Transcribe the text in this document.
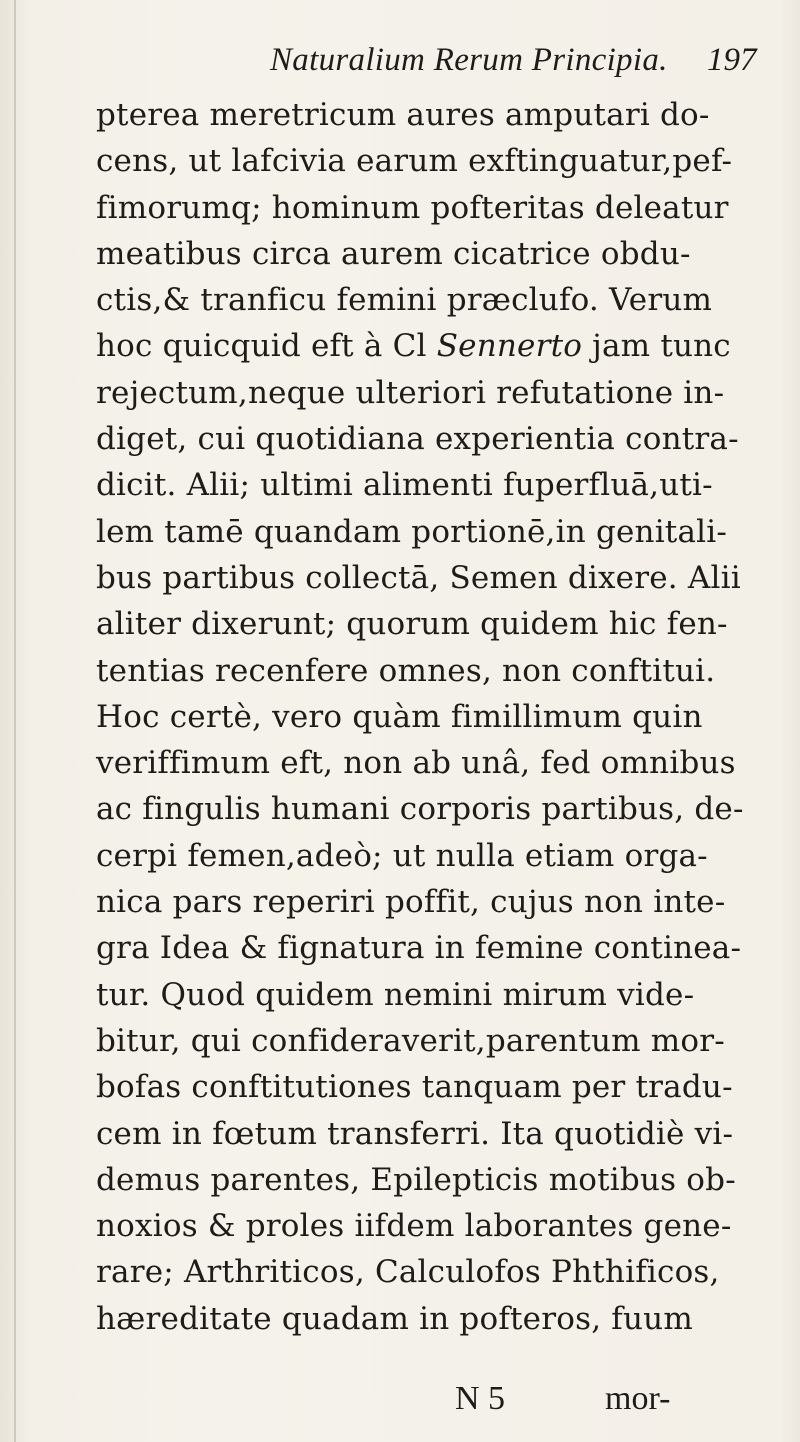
Naturalium Rerum Principia. 197
pterea meretricum aures amputari do-
cens, ut lafcivia earum exftinguatur,pef-
fimorumq; hominum pofteritas deleatur
meatibus circa aurem cicatrice obdu-
ctis,& tranficu femini præclufo. Verum
hoc quicquid eft à Cl Sennerto jam tunc
rejectum,neque ulteriori refutatione in-
diget, cui quotidiana experientia contra-
dicit. Alii; ultimi alimenti fuperfluā,uti-
lem tamē quandam portionē,in genitali-
bus partibus collectā, Semen dixere. Alii
aliter dixerunt; quorum quidem hic fen-
tentias recenfere omnes, non conftitui.
Hoc certè, vero quàm fimillimum quin
veriffimum eft, non ab unâ, fed omnibus
ac fingulis humani corporis partibus, de-
cerpi femen,adeò; ut nulla etiam orga-
nica pars reperiri poffit, cujus non inte-
gra Idea & fignatura in femine continea-
tur. Quod quidem nemini mirum vide-
bitur, qui confideraverit,parentum mor-
bofas conftitutiones tanquam per tradu-
cem in fœtum transferri. Ita quotidiè vi-
demus parentes, Epilepticis motibus ob-
noxios & proles iifdem laborantes gene-
rare; Arthriticos, Calculofos Phthificos,
hæreditate quadam in pofteros, fuum
N 5	mor-
